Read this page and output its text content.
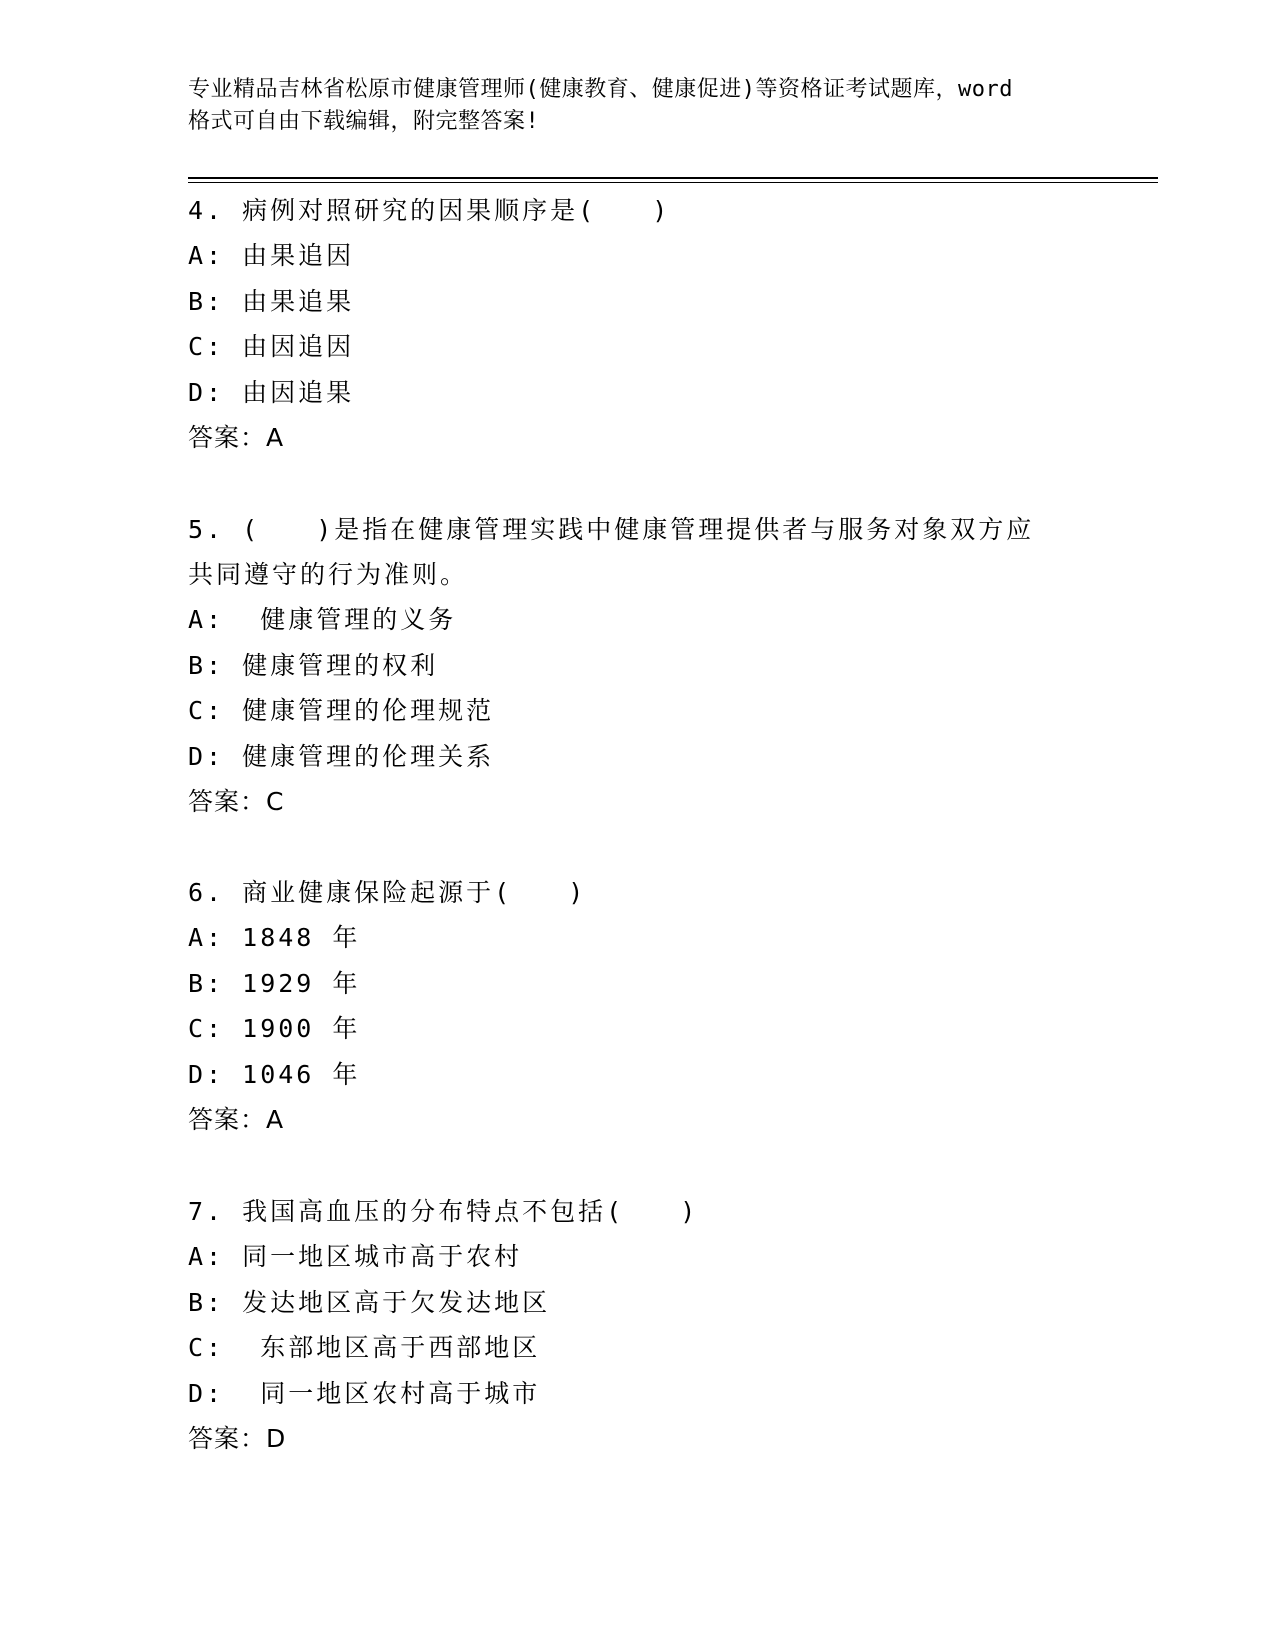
专业精品吉林省松原市健康管理师(健康教育、健康促进)等资格证考试题库，word
格式可自由下载编辑，附完整答案!

4. 病例对照研究的因果顺序是(　　)

A: 由果追因

B: 由果追果

C: 由因追因

D: 由因追果

答案：A

5. (　　)是指在健康管理实践中健康管理提供者与服务对象双方应共同遵守的行为准则。

A:  健康管理的义务

B: 健康管理的权利

C: 健康管理的伦理规范

D: 健康管理的伦理关系

答案：C

6. 商业健康保险起源于(　　)

A: 1848 年

B: 1929 年

C: 1900 年

D: 1046 年

答案：A

7. 我国高血压的分布特点不包括(　　)

A: 同一地区城市高于农村

B: 发达地区高于欠发达地区

C:  东部地区高于西部地区

D:  同一地区农村高于城市

答案：D
